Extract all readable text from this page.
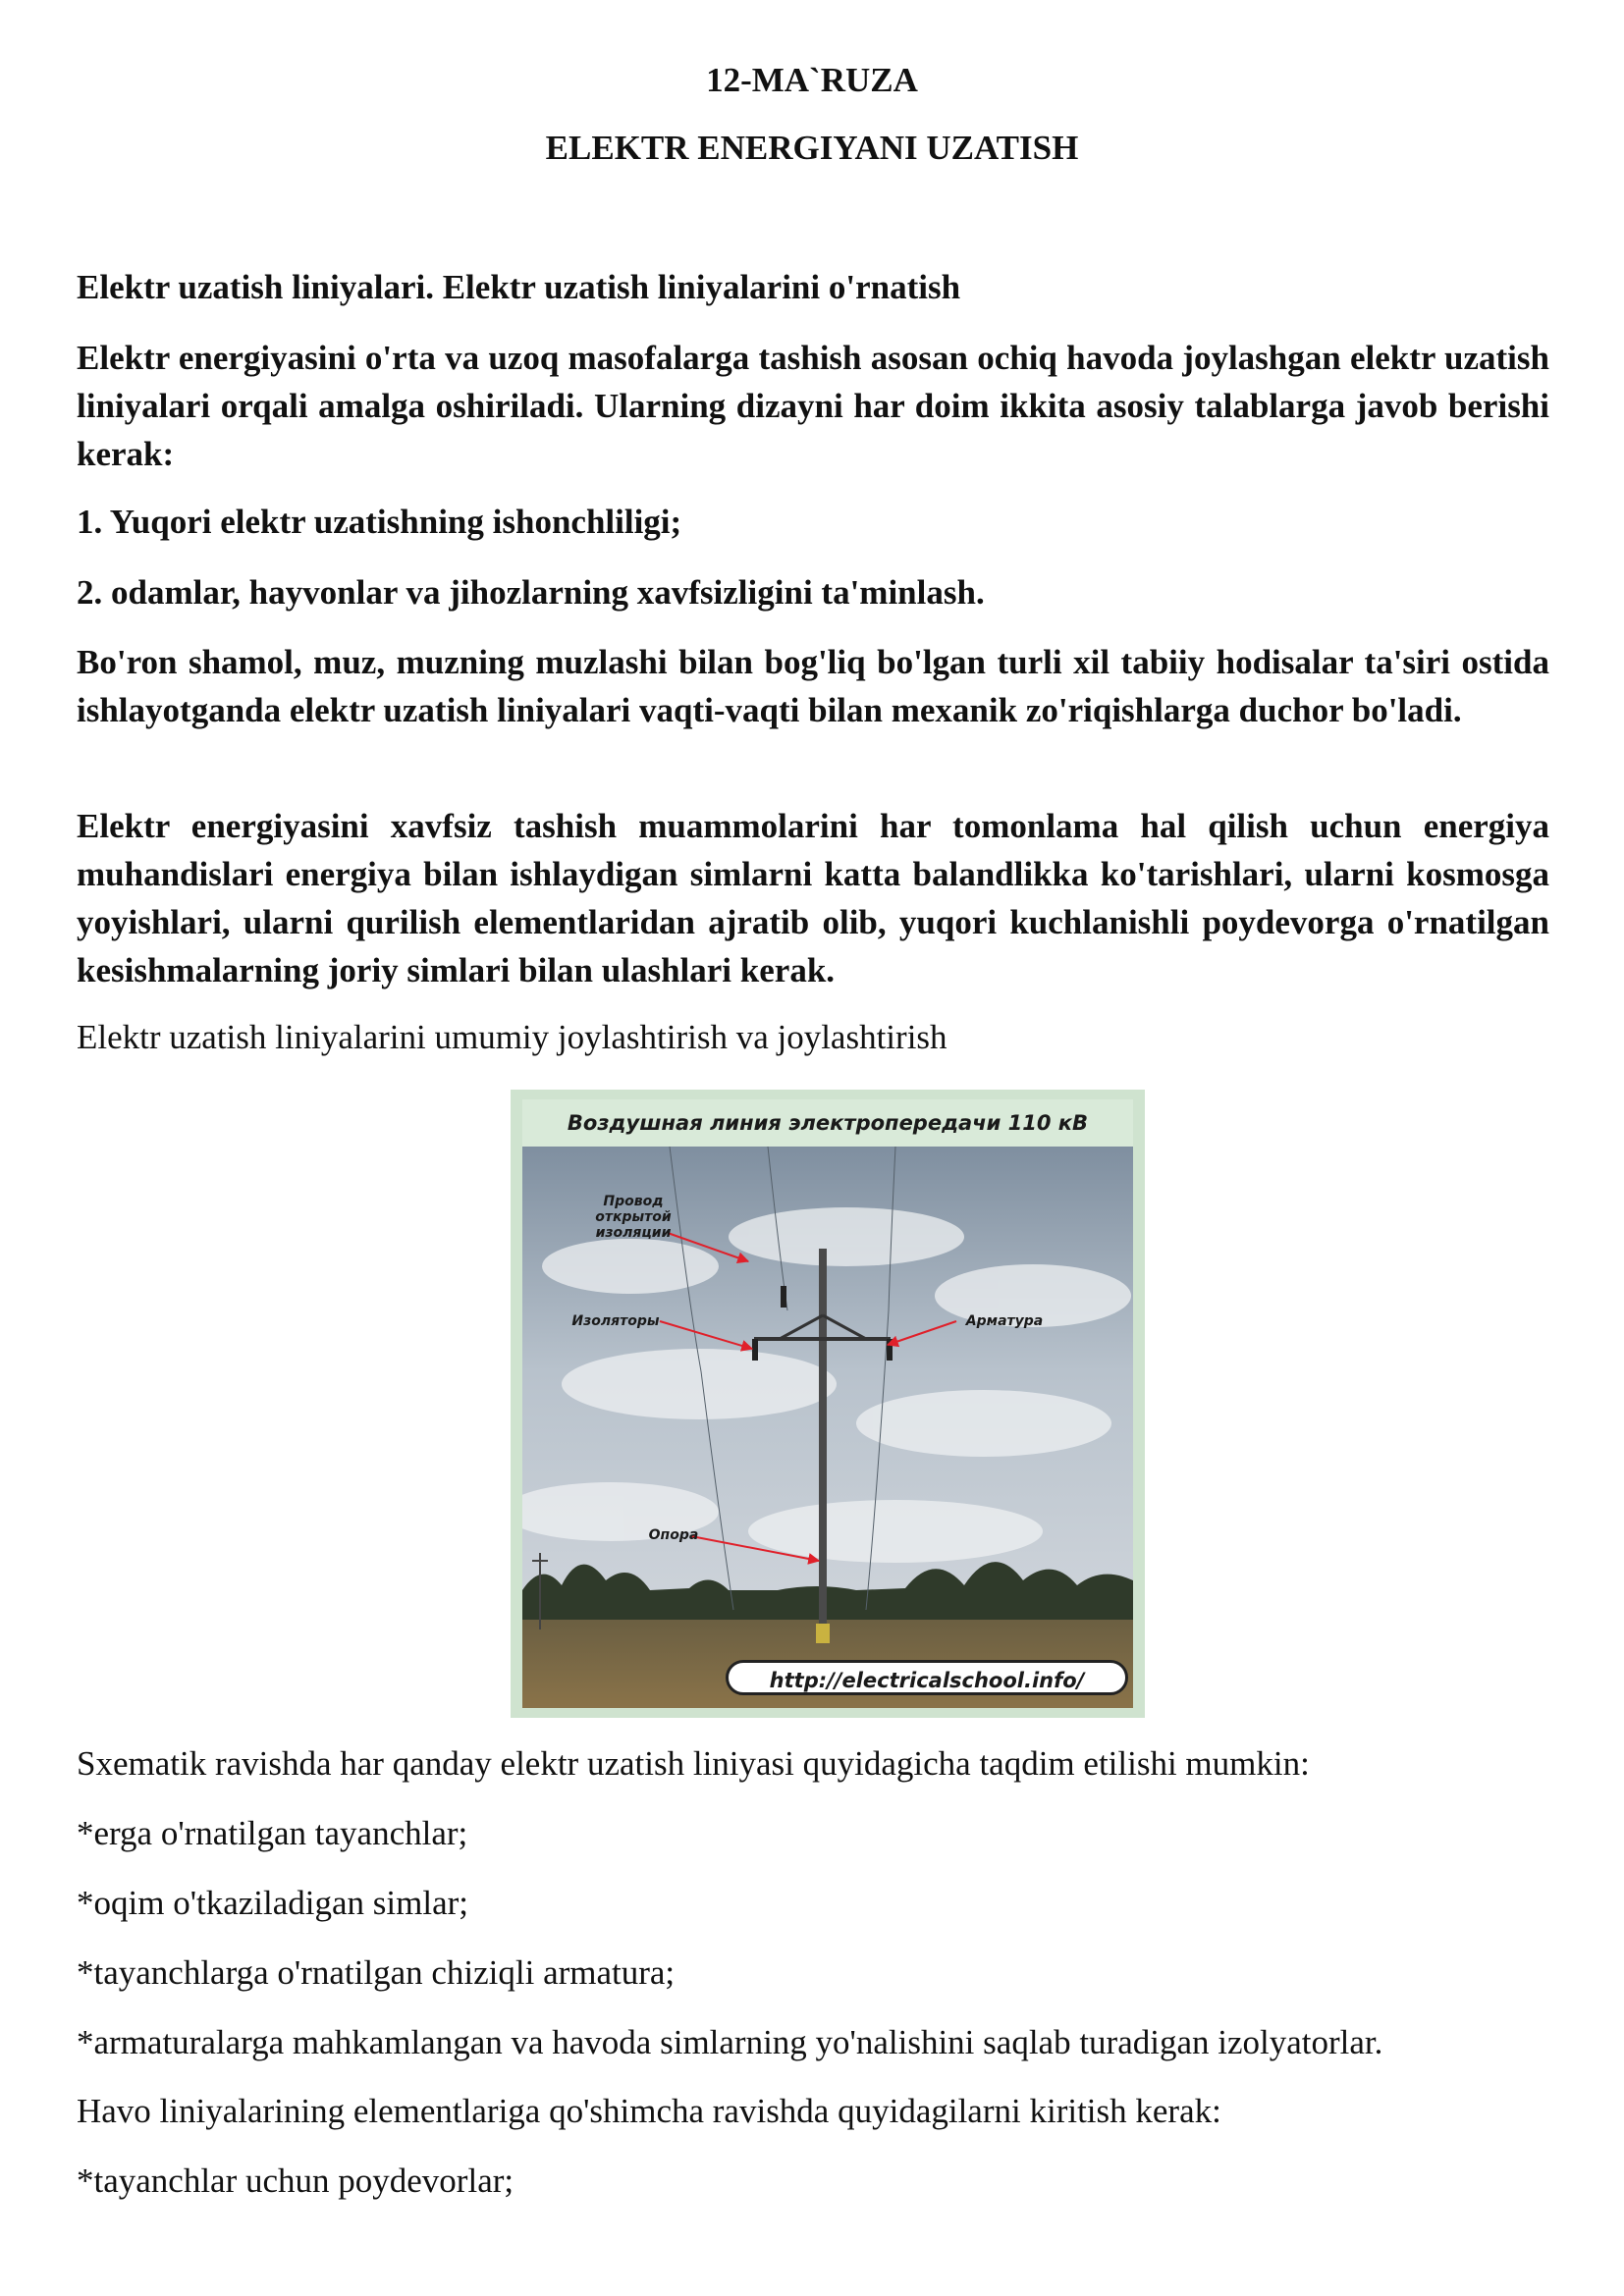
12-MA`RUZA
ELEKTR ENERGIYANI UZATISH

Elektr uzatish liniyalari. Elektr uzatish liniyalarini o'rnatish

Elektr energiyasini o'rta va uzoq masofalarga tashish asosan ochiq havoda joylashgan elektr uzatish liniyalari orqali amalga oshiriladi. Ularning dizayni har doim ikkita asosiy talablarga javob berishi kerak:

1. Yuqori elektr uzatishning ishonchliligi;

2. odamlar, hayvonlar va jihozlarning xavfsizligini ta'minlash.

Bo'ron shamol, muz, muzning muzlashi bilan bog'liq bo'lgan turli xil tabiiy hodisalar ta'siri ostida ishlayotganda elektr uzatish liniyalari vaqti-vaqti bilan mexanik zo'riqishlarga duchor bo'ladi.

Elektr energiyasini xavfsiz tashish muammolarini har tomonlama hal qilish uchun energiya muhandislari energiya bilan ishlaydigan simlarni katta balandlikka ko'tarishlari, ularni kosmosga yoyishlari, ularni qurilish elementlaridan ajratib olib, yuqori kuchlanishli poydevorga o'rnatilgan kesishmalarning joriy simlari bilan ulashlari kerak.

Elektr uzatish liniyalarini umumiy joylashtirish va joylashtirish

Воздушная линия электропередачи 110 кВ
Провод открытой изоляции
Изоляторы	Арматура
Опора
http://electricalschool.info/

Sxematik ravishda har qanday elektr uzatish liniyasi quyidagicha taqdim etilishi mumkin:

*erga o'rnatilgan tayanchlar;

*oqim o'tkaziladigan simlar;

*tayanchlarga o'rnatilgan chiziqli armatura;

*armaturalarga mahkamlangan va havoda simlarning yo'nalishini saqlab turadigan izolyatorlar.

Havo liniyalarining elementlariga qo'shimcha ravishda quyidagilarni kiritish kerak:

*tayanchlar uchun poydevorlar;
